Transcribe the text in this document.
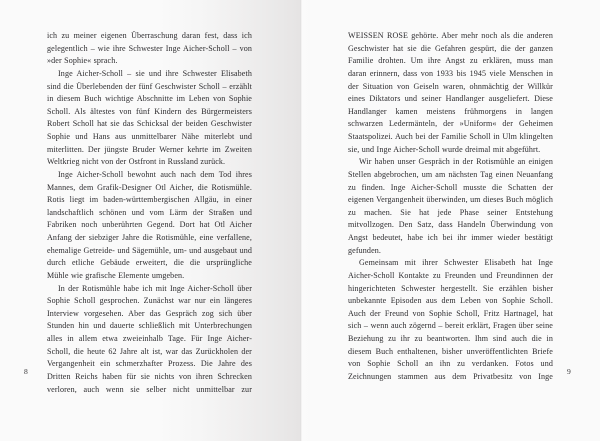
ich zu meiner eigenen Überraschung daran fest, dass ich gelegentlich – wie ihre Schwester Inge Aicher-Scholl – von »der Sophie« sprach.

Inge Aicher-Scholl – sie und ihre Schwester Elisabeth sind die Überlebenden der fünf Geschwister Scholl – erzählt in diesem Buch wichtige Abschnitte im Leben von Sophie Scholl. Als ältestes von fünf Kindern des Bürgermeisters Robert Scholl hat sie das Schicksal der beiden Geschwister Sophie und Hans aus unmittelbarer Nähe miterlebt und miterlitten. Der jüngste Bruder Werner kehrte im Zweiten Weltkrieg nicht von der Ostfront in Russland zurück.

Inge Aicher-Scholl bewohnt auch nach dem Tod ihres Mannes, dem Grafik-Designer Otl Aicher, die Rotismühle. Rotis liegt im baden-württembergischen Allgäu, in einer landschaftlich schönen und vom Lärm der Straßen und Fabriken noch unberührten Gegend. Dort hat Otl Aicher Anfang der siebziger Jahre die Rotismühle, eine verfallene, ehemalige Getreide- und Sägemühle, um- und ausgebaut und durch etliche Gebäude erweitert, die die ursprüngliche Mühle wie grafische Elemente umgeben.

In der Rotismühle habe ich mit Inge Aicher-Scholl über Sophie Scholl gesprochen. Zunächst war nur ein längeres Interview vorgesehen. Aber das Gespräch zog sich über Stunden hin und dauerte schließlich mit Unterbrechungen alles in allem etwa zweieinhalb Tage. Für Inge Aicher-Scholl, die heute 62 Jahre alt ist, war das Zurückholen der Vergangenheit ein schmerzhafter Prozess. Die Jahre des Dritten Reichs haben für sie nichts von ihren Schrecken verloren, auch wenn sie selber nicht unmittelbar zur

8

WEISSEN ROSE gehörte. Aber mehr noch als die anderen Geschwister hat sie die Gefahren gespürt, die der ganzen Familie drohten. Um ihre Angst zu erklären, muss man daran erinnern, dass von 1933 bis 1945 viele Menschen in der Situation von Geiseln waren, ohnmächtig der Willkür eines Diktators und seiner Handlanger ausgeliefert. Diese Handlanger kamen meistens frühmorgens in langen schwarzen Ledermänteln, der »Uniform« der Geheimen Staatspolizei. Auch bei der Familie Scholl in Ulm klingelten sie, und Inge Aicher-Scholl wurde dreimal mit abgeführt.

Wir haben unser Gespräch in der Rotismühle an einigen Stellen abgebrochen, um am nächsten Tag einen Neuanfang zu finden. Inge Aicher-Scholl musste die Schatten der eigenen Vergangenheit überwinden, um dieses Buch möglich zu machen. Sie hat jede Phase seiner Entstehung mitvollzogen. Den Satz, dass Handeln Überwindung von Angst bedeutet, habe ich bei ihr immer wieder bestätigt gefunden.

Gemeinsam mit ihrer Schwester Elisabeth hat Inge Aicher-Scholl Kontakte zu Freunden und Freundinnen der hingerichteten Schwester hergestellt. Sie erzählen bisher unbekannte Episoden aus dem Leben von Sophie Scholl. Auch der Freund von Sophie Scholl, Fritz Hartnagel, hat sich – wenn auch zögernd – bereit erklärt, Fragen über seine Beziehung zu ihr zu beantworten. Ihm sind auch die in diesem Buch enthaltenen, bisher unveröffentlichten Briefe von Sophie Scholl an ihn zu verdanken. Fotos und Zeichnungen stammen aus dem Privatbesitz von Inge

9
